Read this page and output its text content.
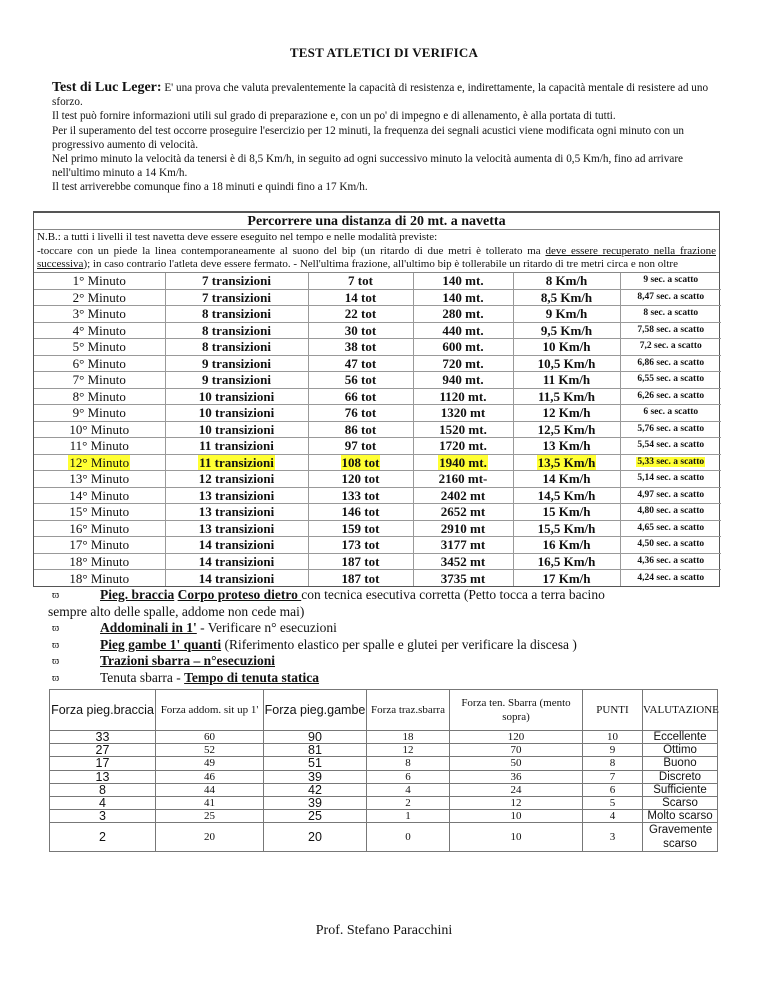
TEST ATLETICI DI VERIFICA

Test di Luc Leger: E' una prova che valuta prevalentemente la capacità di resistenza e, indirettamente, la capacità mentale di resistere ad uno sforzo.

Il test può fornire informazioni utili sul grado di preparazione e, con un po' di impegno e di allenamento, è alla portata di tutti.

Per il superamento del test occorre proseguire l'esercizio per 12 minuti, la frequenza dei segnali acustici viene modificata ogni minuto con un progressivo aumento di velocità.

Nel primo minuto la velocità da tenersi è di 8,5 Km/h, in seguito ad ogni successivo minuto la velocità aumenta di 0,5 Km/h, fino ad arrivare nell'ultimo minuto a 14 Km/h.

Il test arriverebbe comunque fino a 18 minuti e quindi fino a 17 Km/h.

Percorrere una distanza di 20 mt. a navetta
N.B.: a tutti i livelli il test navetta deve essere eseguito nel tempo e nelle modalità previste:
-toccare con un piede la linea contemporaneamente al suono del bip (un ritardo di due metri è tollerato ma deve essere recuperato nella frazione successiva); in caso contrario l'atleta deve essere fermato. - Nell'ultima frazione, all'ultimo bip è tollerabile un ritardo di tre metri circa e non oltre
1° Minuto	7 transizioni	7 tot	140 mt.	8 Km/h	9 sec. a scatto
2° Minuto	7 transizioni	14 tot	140 mt.	8,5 Km/h	8,47 sec. a scatto
3° Minuto	8 transizioni	22 tot	280 mt.	9 Km/h	8 sec. a scatto
4° Minuto	8 transizioni	30 tot	440 mt.	9,5 Km/h	7,58 sec. a scatto
5° Minuto	8 transizioni	38 tot	600 mt.	10 Km/h	7,2 sec. a scatto
6° Minuto	9 transizioni	47 tot	720 mt.	10,5 Km/h	6,86 sec. a scatto
7° Minuto	9 transizioni	56 tot	940 mt.	11 Km/h	6,55 sec. a scatto
8° Minuto	10 transizioni	66 tot	1120 mt.	11,5 Km/h	6,26 sec. a scatto
9° Minuto	10 transizioni	76 tot	1320 mt	12 Km/h	6 sec. a scatto
10° Minuto	10 transizioni	86 tot	1520 mt.	12,5 Km/h	5,76 sec. a scatto
11° Minuto	11 transizioni	97 tot	1720 mt.	13 Km/h	5,54 sec. a scatto
12° Minuto	11 transizioni	108 tot	1940 mt.	13,5 Km/h	5,33 sec. a scatto
13° Minuto	12 transizioni	120 tot	2160 mt-	14 Km/h	5,14 sec. a scatto
14° Minuto	13 transizioni	133 tot	2402 mt	14,5 Km/h	4,97 sec. a scatto
15° Minuto	13 transizioni	146 tot	2652 mt	15 Km/h	4,80 sec. a scatto
16° Minuto	13 transizioni	159 tot	2910 mt	15,5 Km/h	4,65 sec. a scatto
17° Minuto	14 transizioni	173 tot	3177 mt	16 Km/h	4,50 sec. a scatto
18° Minuto	14 transizioni	187 tot	3452 mt	16,5 Km/h	4,36 sec. a scatto
18° Minuto	14 transizioni	187 tot	3735 mt	17 Km/h	4,24 sec. a scatto
ϖ	Pieg. braccia Corpo proteso dietro con tecnica esecutiva corretta (Petto tocca a terra bacino
sempre alto delle spalle, addome non cede mai)
ϖ	Addominali in 1' - Verificare n° esecuzioni
ϖ	Pieg gambe 1' quanti (Riferimento elastico per spalle e glutei per verificare la discesa )
ϖ	Trazioni sbarra – n°esecuzioni
ϖ	Tenuta sbarra - Tempo di tenuta statica
Forza pieg.braccia	Forza addom. sit up 1'	Forza pieg.gambe	Forza traz.sbarra	Forza ten. Sbarra (mento sopra)	PUNTI	VALUTAZIONE
33	60	90	18	120	10	Eccellente
27	52	81	12	70	9	Ottimo
17	49	51	8	50	8	Buono
13	46	39	6	36	7	Discreto
8	44	42	4	24	6	Sufficiente
4	41	39	2	12	5	Scarso
3	25	25	1	10	4	Molto scarso
2	20	20	0	10	3	Gravemente scarso
Prof. Stefano Paracchini
